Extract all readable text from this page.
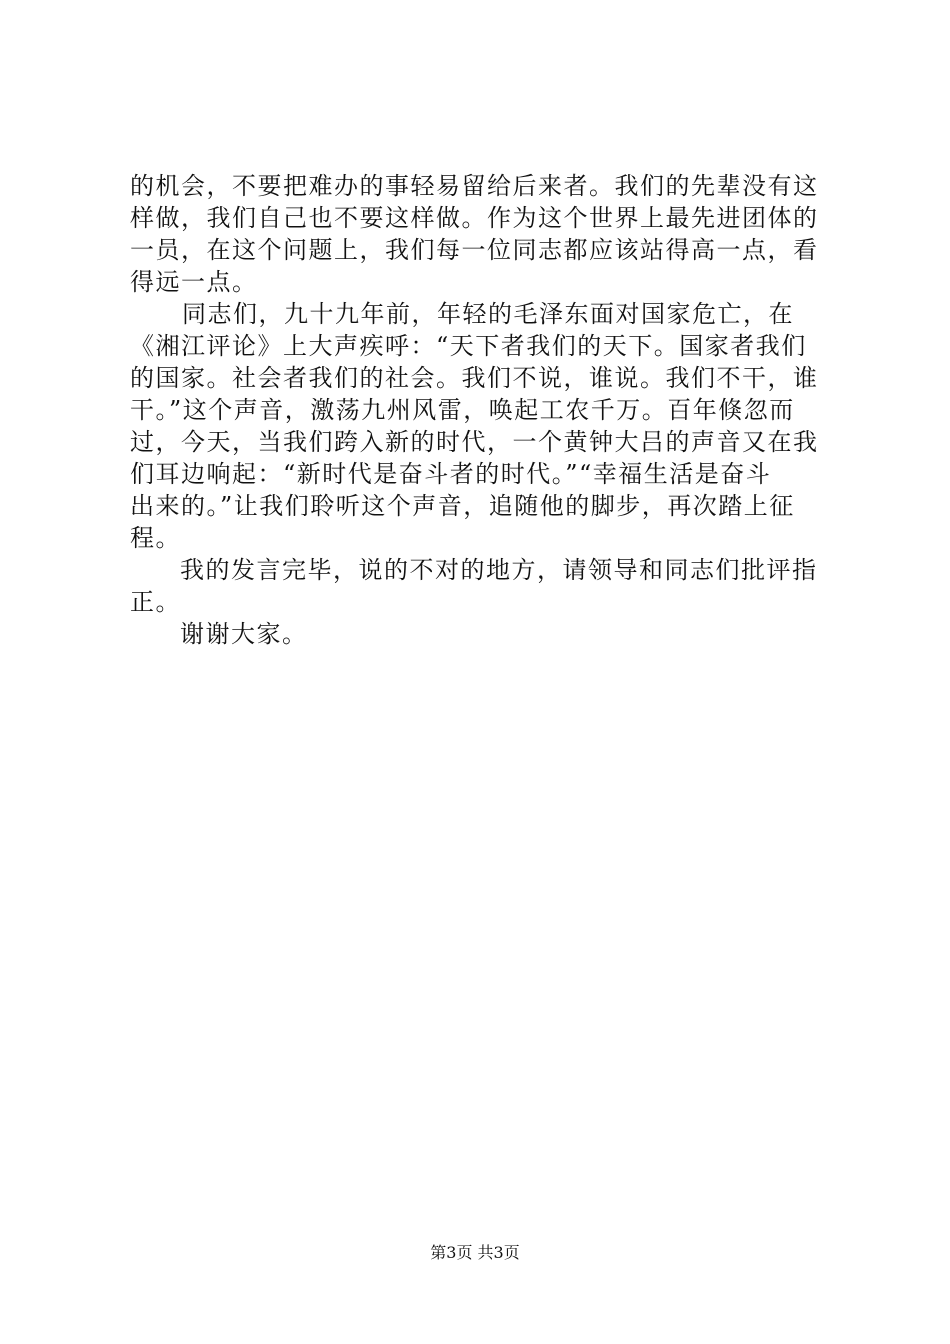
的机会，不要把难办的事轻易留给后来者。我们的先辈没有这
样做，我们自己也不要这样做。作为这个世界上最先进团体的
一员，在这个问题上，我们每一位同志都应该站得高一点，看
得远一点。
同志们，九十九年前，年轻的毛泽东面对国家危亡，在
《湘江评论》上大声疾呼：“天下者我们的天下。国家者我们
的国家。社会者我们的社会。我们不说，谁说。我们不干，谁
干。”这个声音，激荡九州风雷，唤起工农千万。百年倏忽而
过，今天，当我们跨入新的时代，一个黄钟大吕的声音又在我
们耳边响起：“新时代是奋斗者的时代。”“幸福生活是奋斗
出来的。”让我们聆听这个声音，追随他的脚步，再次踏上征
程。
我的发言完毕，说的不对的地方，请领导和同志们批评指
正。
谢谢大家。
第3页 共3页
